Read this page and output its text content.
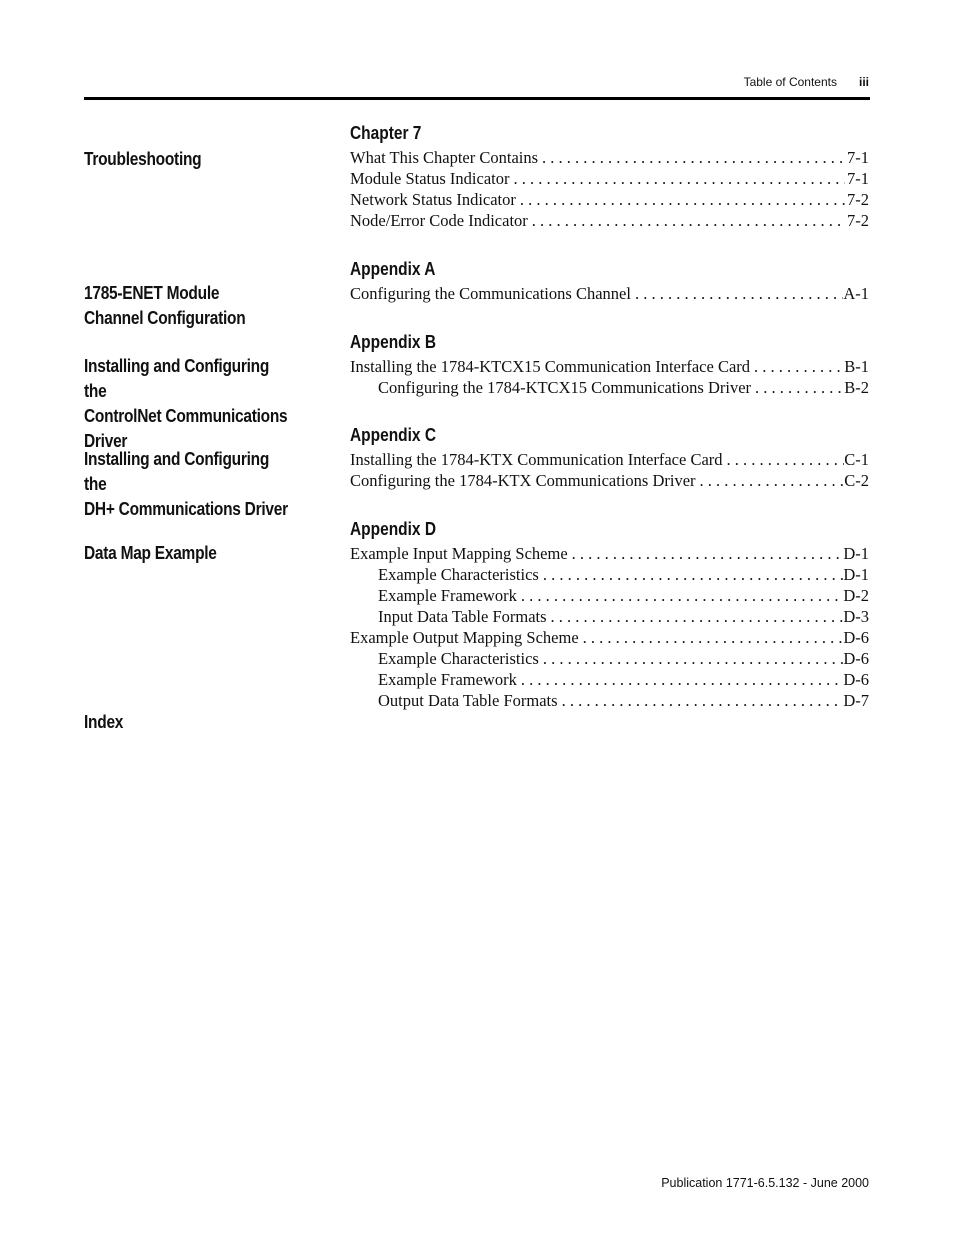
Table of Contents iii
Troubleshooting
Chapter 7
What This Chapter Contains . . .	7-1
Module Status Indicator . . .	7-1
Network Status Indicator . . .	7-2
Node/Error Code Indicator . . .	7-2
1785-ENET Module
Channel Configuration
Appendix A
Configuring the Communications Channel . . .	A-1
Installing and Configuring the
ControlNet Communications
Driver
Appendix B
Installing the 1784-KTCX15 Communication Interface Card . . .	B-1
Configuring the 1784-KTCX15 Communications Driver . . .	B-2
Installing and Configuring the
DH+ Communications Driver
Appendix C
Installing the 1784-KTX Communication Interface Card . . .	C-1
Configuring the 1784-KTX Communications Driver . . .	C-2
Data Map Example
Appendix D
Example Input Mapping Scheme . . .	D-1
Example Characteristics . . .	D-1
Example Framework . . .	D-2
Input Data Table Formats . . .	D-3
Example Output Mapping Scheme . . .	D-6
Example Characteristics . . .	D-6
Example Framework . . .	D-6
Output Data Table Formats . . .	D-7
Index
Publication 1771-6.5.132 - June 2000
